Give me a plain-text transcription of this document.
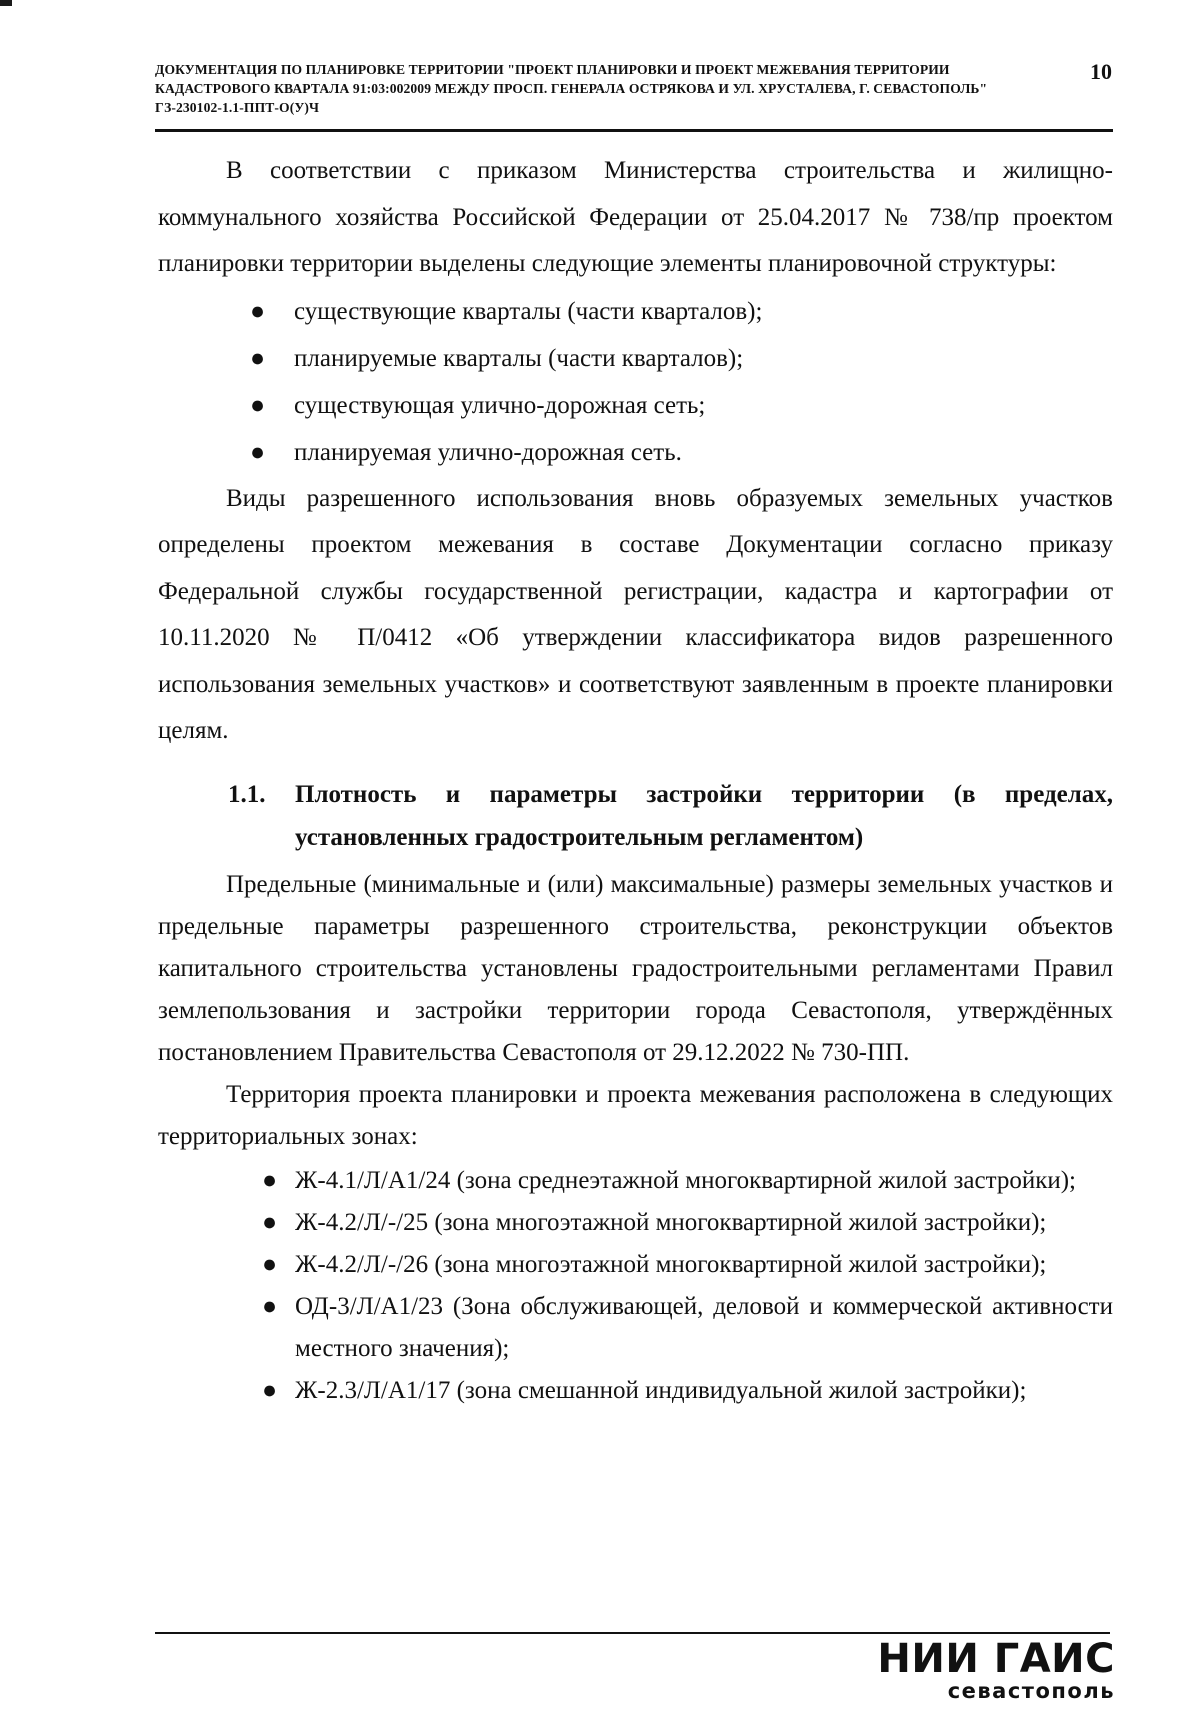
ДОКУМЕНТАЦИЯ ПО ПЛАНИРОВКЕ ТЕРРИТОРИИ "ПРОЕКТ ПЛАНИРОВКИ И ПРОЕКТ МЕЖЕВАНИЯ ТЕРРИТОРИИ КАДАСТРОВОГО КВАРТАЛА 91:03:002009 МЕЖДУ ПРОСП. ГЕНЕРАЛА ОСТРЯКОВА И УЛ. ХРУСТАЛЕВА, Г. СЕВАСТОПОЛЬ" ГЗ-230102-1.1-ППТ-О(У)Ч
10

В соответствии с приказом Министерства строительства и жилищно-коммунального хозяйства Российской Федерации от 25.04.2017 № 738/пр проектом планировки территории выделены следующие элементы планировочной структуры:

● существующие кварталы (части кварталов);
● планируемые кварталы (части кварталов);
● существующая улично-дорожная сеть;
● планируемая улично-дорожная сеть.

Виды разрешенного использования вновь образуемых земельных участков определены проектом межевания в составе Документации согласно приказу Федеральной службы государственной регистрации, кадастра и картографии от 10.11.2020 № П/0412 «Об утверждении классификатора видов разрешенного использования земельных участков» и соответствуют заявленным в проекте планировки целям.

1.1. Плотность и параметры застройки территории (в пределах, установленных градостроительным регламентом)

Предельные (минимальные и (или) максимальные) размеры земельных участков и предельные параметры разрешенного строительства, реконструкции объектов капитального строительства установлены градостроительными регламентами Правил землепользования и застройки территории города Севастополя, утверждённых постановлением Правительства Севастополя от 29.12.2022 № 730-ПП.

Территория проекта планировки и проекта межевания расположена в следующих территориальных зонах:

● Ж-4.1/Л/А1/24 (зона среднеэтажной многоквартирной жилой застройки);
● Ж-4.2/Л/-/25 (зона многоэтажной многоквартирной жилой застройки);
● Ж-4.2/Л/-/26 (зона многоэтажной многоквартирной жилой застройки);
● ОД-3/Л/А1/23 (Зона обслуживающей, деловой и коммерческой активности местного значения);
● Ж-2.3/Л/А1/17 (зона смешанной индивидуальной жилой застройки);
НИИ ГАИС
севастополь
